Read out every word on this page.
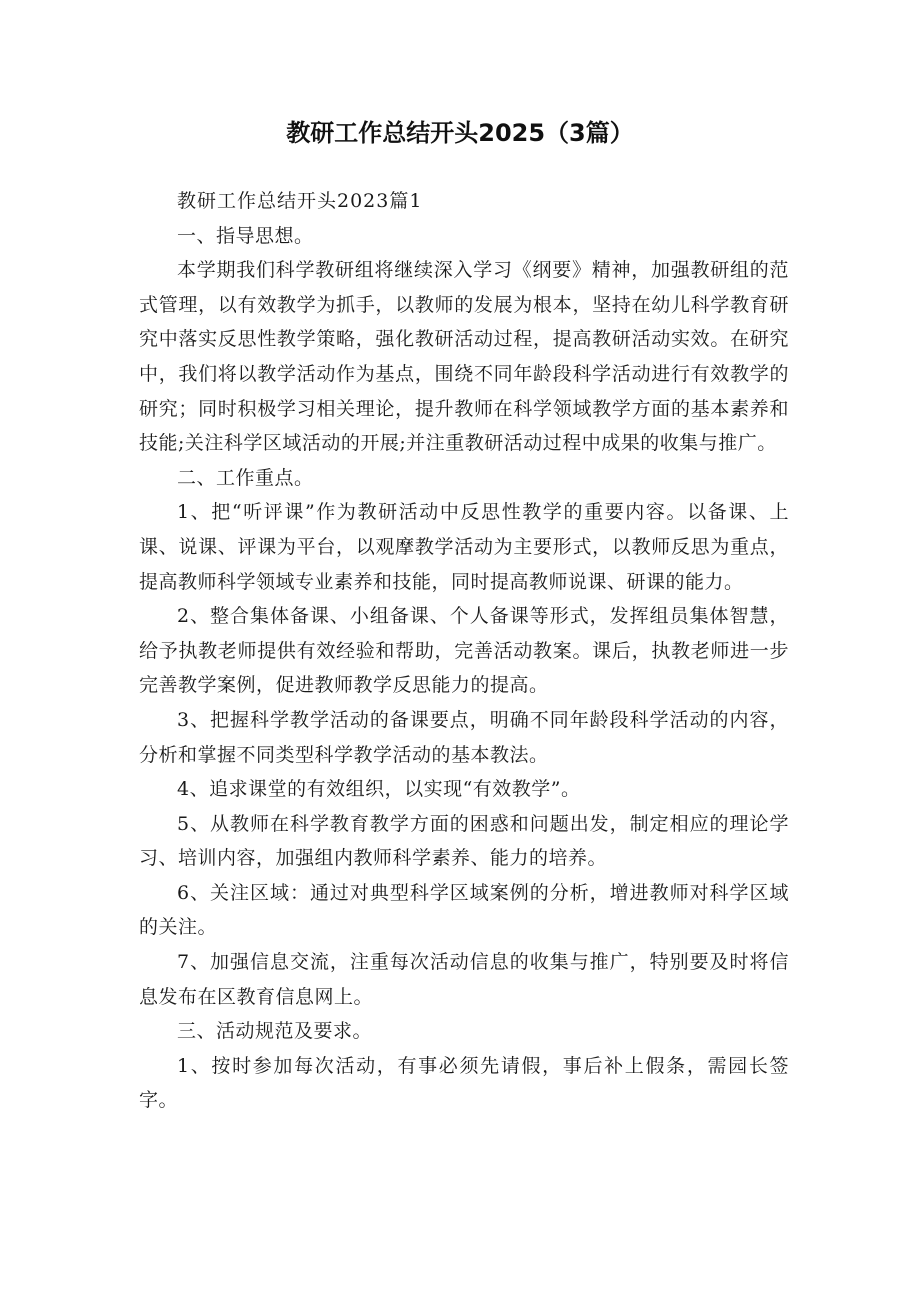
教研工作总结开头2025（3篇）

教研工作总结开头2023篇1

一、指导思想。

本学期我们科学教研组将继续深入学习《纲要》精神，加强教研组的范式管理，以有效教学为抓手，以教师的发展为根本，坚持在幼儿科学教育研究中落实反思性教学策略，强化教研活动过程，提高教研活动实效。在研究中，我们将以教学活动作为基点，围绕不同年龄段科学活动进行有效教学的研究；同时积极学习相关理论，提升教师在科学领域教学方面的基本素养和技能;关注科学区域活动的开展;并注重教研活动过程中成果的收集与推广。

二、工作重点。

1、把“听评课”作为教研活动中反思性教学的重要内容。以备课、上课、说课、评课为平台，以观摩教学活动为主要形式，以教师反思为重点，提高教师科学领域专业素养和技能，同时提高教师说课、研课的能力。

2、整合集体备课、小组备课、个人备课等形式，发挥组员集体智慧，给予执教老师提供有效经验和帮助，完善活动教案。课后，执教老师进一步完善教学案例，促进教师教学反思能力的提高。

3、把握科学教学活动的备课要点，明确不同年龄段科学活动的内容，分析和掌握不同类型科学教学活动的基本教法。

4、追求课堂的有效组织，以实现“有效教学”。

5、从教师在科学教育教学方面的困惑和问题出发，制定相应的理论学习、培训内容，加强组内教师科学素养、能力的培养。

6、关注区域：通过对典型科学区域案例的分析，增进教师对科学区域的关注。

7、加强信息交流，注重每次活动信息的收集与推广，特别要及时将信息发布在区教育信息网上。

三、活动规范及要求。

1、按时参加每次活动，有事必须先请假，事后补上假条，需园长签字。
